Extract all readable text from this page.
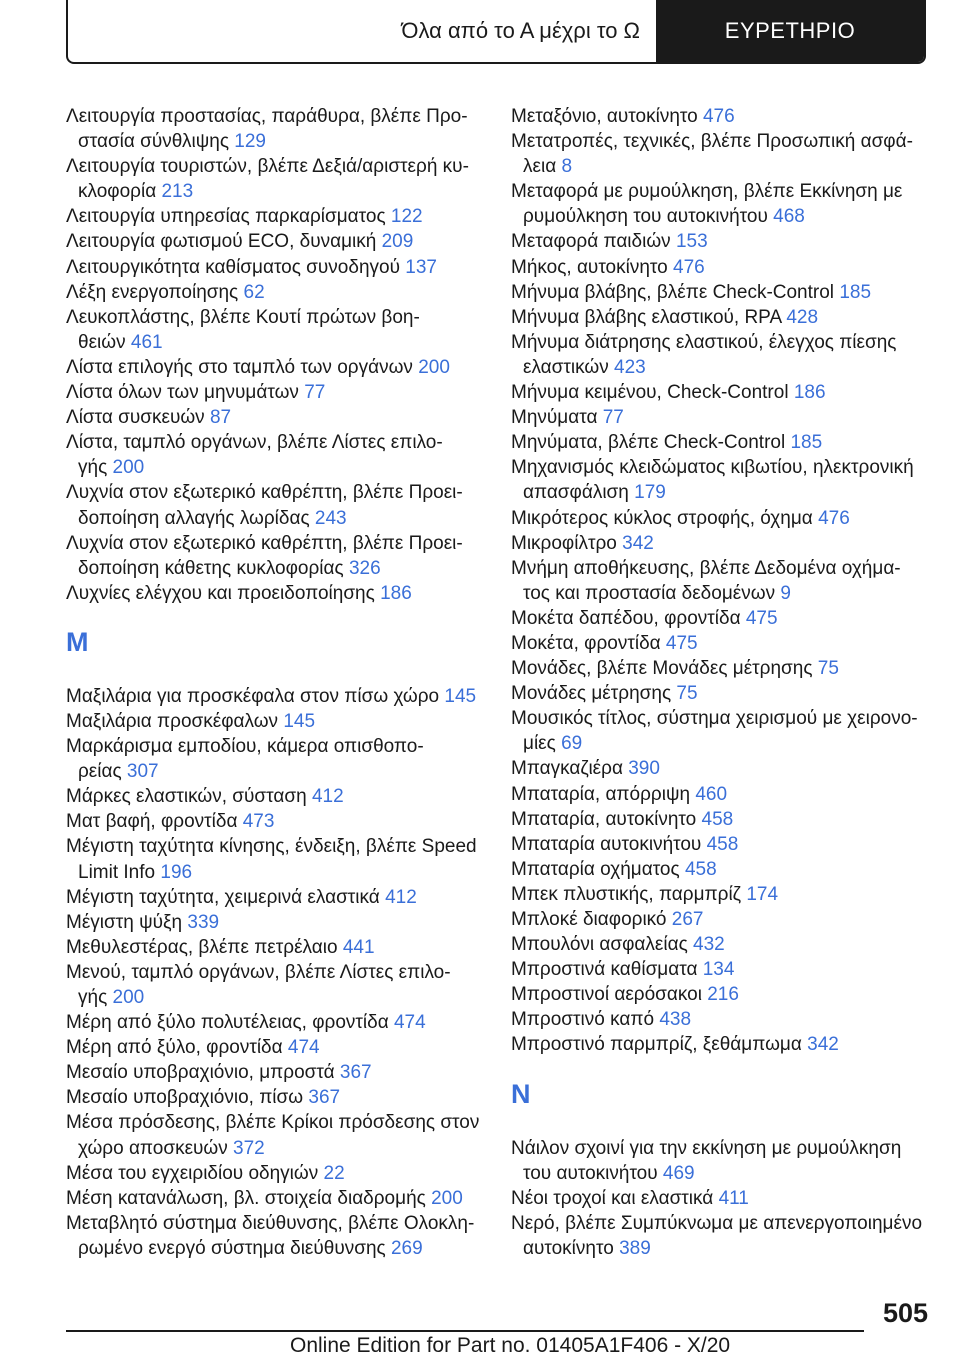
Όλα από το Α μέχρι το Ω	ΕΥΡΕΤΗΡΙΟ

Λειτουργία προστασίας, παράθυρα, βλέπε Προ-
στασία σύνθλιψης 129

Λειτουργία τουριστών, βλέπε Δεξιά/αριστερή κυ-
κλοφορία 213

Λειτουργία υπηρεσίας παρκαρίσματος 122

Λειτουργία φωτισμού ECO, δυναμική 209

Λειτουργικότητα καθίσματος συνοδηγού 137

Λέξη ενεργοποίησης 62

Λευκοπλάστης, βλέπε Κουτί πρώτων βοη-
θειών 461

Λίστα επιλογής στο ταμπλό των οργάνων 200

Λίστα όλων των μηνυμάτων 77

Λίστα συσκευών 87

Λίστα, ταμπλό οργάνων, βλέπε Λίστες επιλο-
γής 200

Λυχνία στον εξωτερικό καθρέπτη, βλέπε Προει-
δοποίηση αλλαγής λωρίδας 243

Λυχνία στον εξωτερικό καθρέπτη, βλέπε Προει-
δοποίηση κάθετης κυκλοφορίας 326

Λυχνίες ελέγχου και προειδοποίησης 186

Μ

Μαξιλάρια για προσκέφαλα στον πίσω χώρο 145

Μαξιλάρια προσκέφαλων 145

Μαρκάρισμα εμποδίου, κάμερα οπισθοπο-
ρείας 307

Μάρκες ελαστικών, σύσταση 412

Ματ βαφή, φροντίδα 473

Μέγιστη ταχύτητα κίνησης, ένδειξη, βλέπε Speed
Limit Info 196

Μέγιστη ταχύτητα, χειμερινά ελαστικά 412

Μέγιστη ψύξη 339

Μεθυλεστέρας, βλέπε πετρέλαιο 441

Μενού, ταμπλό οργάνων, βλέπε Λίστες επιλο-
γής 200

Μέρη από ξύλο πολυτέλειας, φροντίδα 474

Μέρη από ξύλο, φροντίδα 474

Μεσαίο υποβραχιόνιο, μπροστά 367

Μεσαίο υποβραχιόνιο, πίσω 367

Μέσα πρόσδεσης, βλέπε Κρίκοι πρόσδεσης στον
χώρο αποσκευών 372

Μέσα του εγχειριδίου οδηγιών 22

Μέση κατανάλωση, βλ. στοιχεία διαδρομής 200

Μεταβλητό σύστημα διεύθυνσης, βλέπε Ολοκλη-
ρωμένο ενεργό σύστημα διεύθυνσης 269

Μεταξόνιο, αυτοκίνητο 476

Μετατροπές, τεχνικές, βλέπε Προσωπική ασφά-
λεια 8

Μεταφορά με ρυμούλκηση, βλέπε Εκκίνηση με
ρυμούλκηση του αυτοκινήτου 468

Μεταφορά παιδιών 153

Μήκος, αυτοκίνητο 476

Μήνυμα βλάβης, βλέπε Check-Control 185

Μήνυμα βλάβης ελαστικού, RPA 428

Μήνυμα διάτρησης ελαστικού, έλεγχος πίεσης
ελαστικών 423

Μήνυμα κειμένου, Check-Control 186

Μηνύματα 77

Μηνύματα, βλέπε Check-Control 185

Μηχανισμός κλειδώματος κιβωτίου, ηλεκτρονική
απασφάλιση 179

Μικρότερος κύκλος στροφής, όχημα 476

Μικροφίλτρο 342

Μνήμη αποθήκευσης, βλέπε Δεδομένα οχήμα-
τος και προστασία δεδομένων 9

Μοκέτα δαπέδου, φροντίδα 475

Μοκέτα, φροντίδα 475

Μονάδες, βλέπε Μονάδες μέτρησης 75

Μονάδες μέτρησης 75

Μουσικός τίτλος, σύστημα χειρισμού με χειρονο-
μίες 69

Μπαγκαζιέρα 390

Μπαταρία, απόρριψη 460

Μπαταρία, αυτοκίνητο 458

Μπαταρία αυτοκινήτου 458

Μπαταρία οχήματος 458

Μπεκ πλυστικής, παρμπρίζ 174

Μπλοκέ διαφορικό 267

Μπουλόνι ασφαλείας 432

Μπροστινά καθίσματα 134

Μπροστινοί αερόσακοι 216

Μπροστινό καπό 438

Μπροστινό παρμπρίζ, ξεθάμπωμα 342

Ν

Νάιλον σχοινί για την εκκίνηση με ρυμούλκηση
του αυτοκινήτου 469

Νέοι τροχοί και ελαστικά 411

Νερό, βλέπε Συμπύκνωμα με απενεργοποιημένο
αυτοκίνητο 389

505
Online Edition for Part no. 01405A1F406 - X/20
